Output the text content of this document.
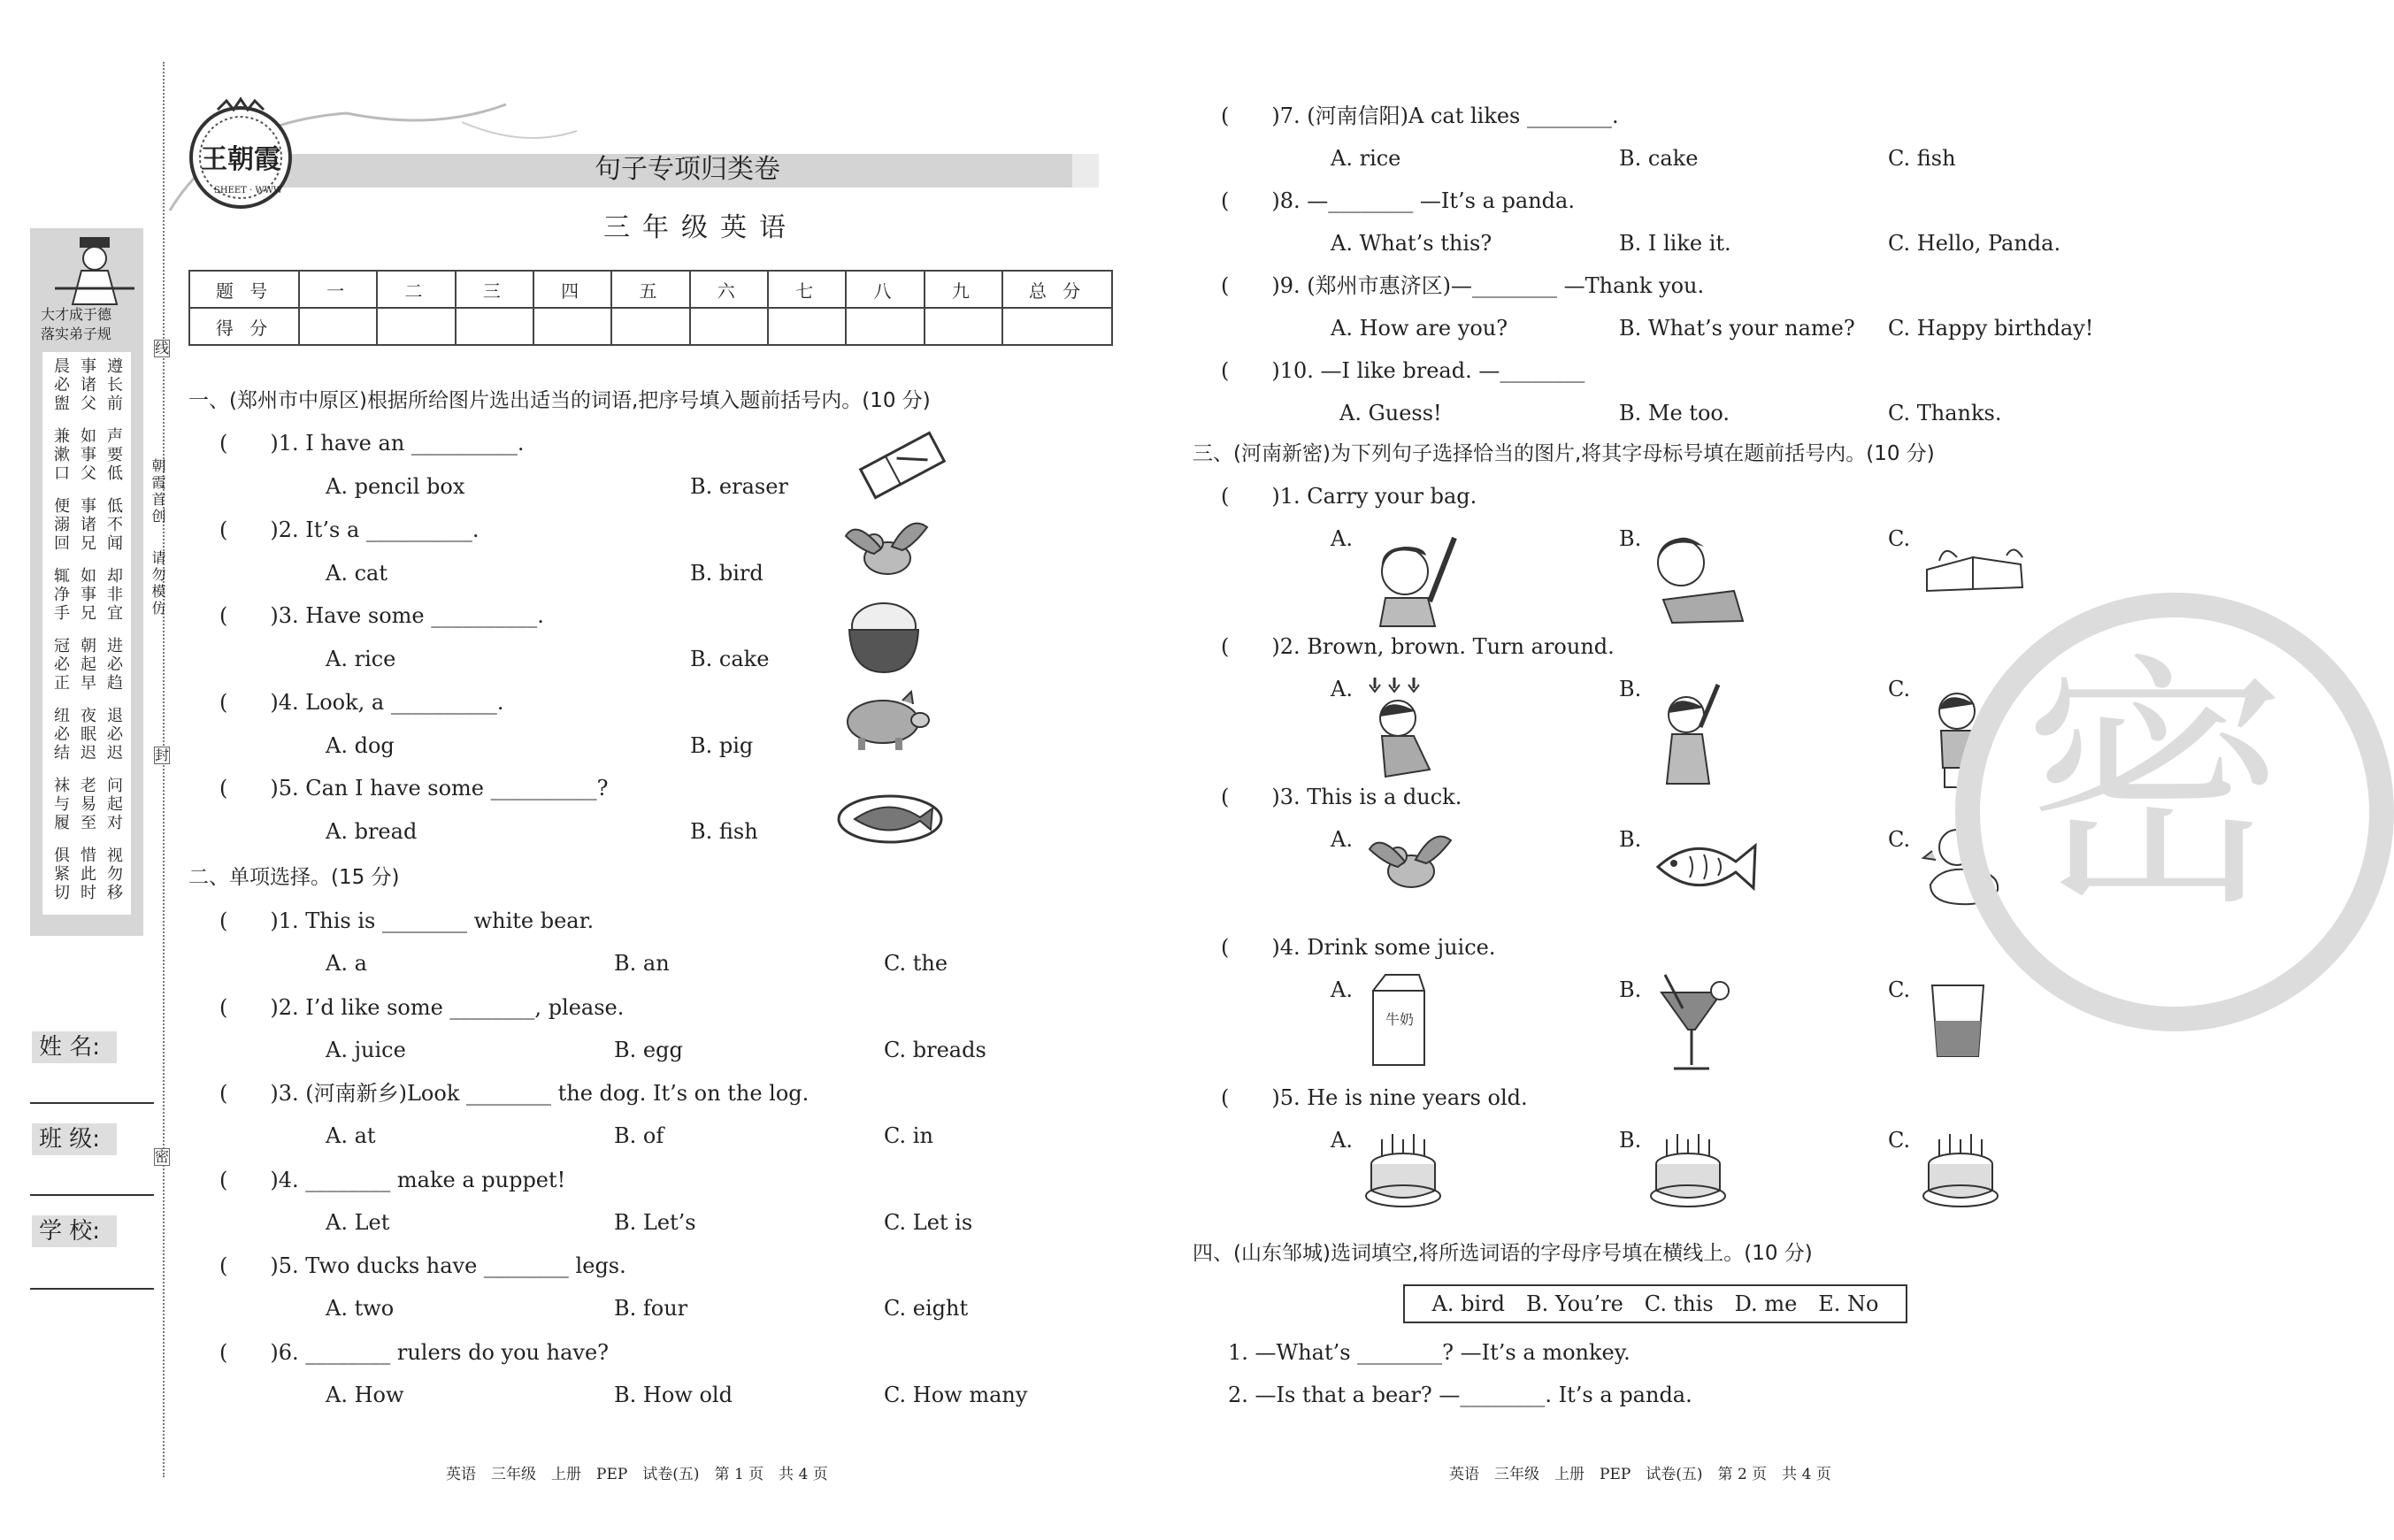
大才成于德
落实弟子规
晨必盥 事诸父 遵长前
兼漱口 如事父 声要低
便溺回 事诸兄 低不闻
辄净手 如事兄 却非宜
冠必正 朝起早 进必趋
纽必结 夜眠迟 退必迟
袜与履 老易至 问起对
俱紧切 惜此时 视勿移
朝霞首创
请勿模仿
线
封
密
姓 名:
班 级:
学 校:
王朝霞
SHEET · WWW
句子专项归类卷
三年级英语
题 号	一	二	三	四	五	六	七	八	九	总 分
得 分										
一、(郑州市中原区)根据所给图片选出适当的词语,把序号填入题前括号内。(10 分)
(　　)1. I have an __________.
A. pencil box	B. eraser
(　　)2. It’s a __________.
A. cat	B. bird
(　　)3. Have some __________.
A. rice	B. cake
(　　)4. Look, a __________.
A. dog	B. pig
(　　)5. Can I have some __________?
A. bread	B. fish
二、单项选择。(15 分)
(　　)1. This is ________ white bear.
A. a	B. an	C. the
(　　)2. I’d like some ________, please.
A. juice	B. egg	C. breads
(　　)3. (河南新乡)Look ________ the dog. It’s on the log.
A. at	B. of	C. in
(　　)4. ________ make a puppet!
A. Let	B. Let’s	C. Let is
(　　)5. Two ducks have ________ legs.
A. two	B. four	C. eight
(　　)6. ________ rulers do you have?
A. How	B. How old	C. How many
(　　)7. (河南信阳)A cat likes ________.
A. rice	B. cake	C. fish
(　　)8. —________ —It’s a panda.
A. What’s this?	B. I like it.	C. Hello, Panda.
(　　)9. (郑州市惠济区)—________ —Thank you.
A. How are you?	B. What’s your name? C. Happy birthday!
(　　)10. —I like bread. —________
A. Guess!	B. Me too.	C. Thanks.
三、(河南新密)为下列句子选择恰当的图片,将其字母标号填在题前括号内。(10 分)
(　　)1. Carry your bag.
A.	B.	C.
(　　)2. Brown, brown. Turn around.
A.	B.	C.
(　　)3. This is a duck.
A.	B.	C.
(　　)4. Drink some juice.
A.	B.	C.
(　　)5. He is nine years old.
A.	B.	C.
牛奶
密
四、(山东邹城)选词填空,将所选词语的字母序号填在横线上。(10 分)
A. bird　B. You’re　C. this　D. me　E. No
1. —What’s ________? —It’s a monkey.
2. —Is that a bear? —________. It’s a panda.
英语　三年级　上册　PEP　试卷(五)　第 1 页　共 4 页	英语　三年级　上册　PEP　试卷(五)　第 2 页　共 4 页
